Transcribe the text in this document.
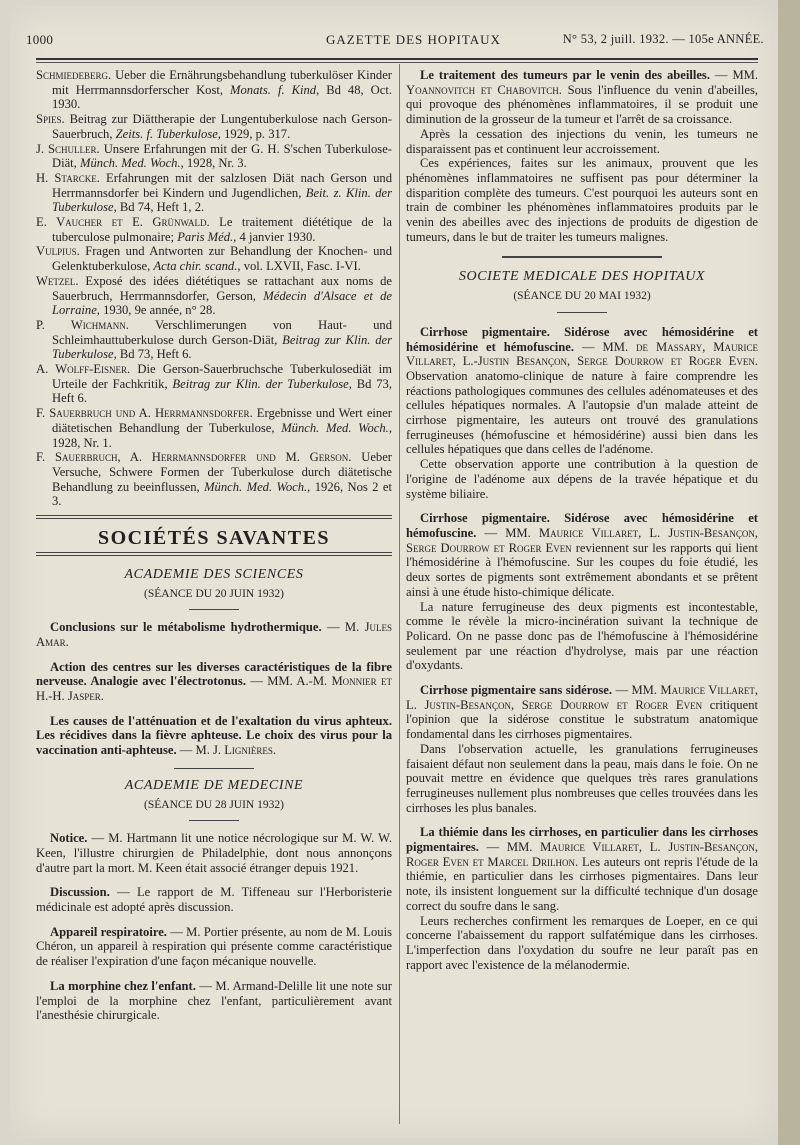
1000	GAZETTE DES HOPITAUX	N° 53, 2 juill. 1932. — 105e ANNÉE.

Schmiedeberg. Ueber die Ernährungsbehandlung tuberkulöser Kinder mit Herrmannsdorferscher Kost, Monats. f. Kind, Bd 48, Oct. 1930.

Spies. Beitrag zur Diättherapie der Lungentuberkulose nach Gerson-Sauerbruch, Zeits. f. Tuberkulose, 1929, p. 317.

J. Schuller. Unsere Erfahrungen mit der G. H. S'schen Tuberkulose-Diät, Münch. Med. Woch., 1928, Nr. 3.

H. Starcke. Erfahrungen mit der salzlosen Diät nach Gerson und Herrmannsdorfer bei Kindern und Jugendlichen, Beit. z. Klin. der Tuberkulose, Bd 74, Heft 1, 2.

E. Vaucher et E. Grünwald. Le traitement diététique de la tuberculose pulmonaire; Paris Méd., 4 janvier 1930.

Vulpius. Fragen und Antworten zur Behandlung der Knochen- und Gelenktuberkulose, Acta chir. scand., vol. LXVII, Fasc. I-VI.

Wetzel. Exposé des idées diététiques se rattachant aux noms de Sauerbruch, Herrmannsdorfer, Gerson, Médecin d'Alsace et de Lorraine, 1930, 9e année, n° 28.

P. Wichmann. Verschlimerungen von Haut- und Schleimhauttuberkulose durch Gerson-Diät, Beitrag zur Klin. der Tuberkulose, Bd 73, Heft 6.

A. Wolff-Eisner. Die Gerson-Sauerbruchsche Tuberkulosediät im Urteile der Fachkritik, Beitrag zur Klin. der Tuberkulose, Bd 73, Heft 6.

F. Sauerbruch und A. Herrmannsdorfer. Ergebnisse und Wert einer diätetischen Behandlung der Tuberkulose, Münch. Med. Woch., 1928, Nr. 1.

F. Sauerbruch, A. Herrmannsdorfer und M. Gerson. Ueber Versuche, Schwere Formen der Tuberkulose durch diätetische Behandlung zu beeinflussen, Münch. Med. Woch., 1926, Nos 2 et 3.

SOCIÉTÉS SAVANTES

ACADEMIE DES SCIENCES

(SÉANCE DU 20 JUIN 1932)

Conclusions sur le métabolisme hydrothermique. — M. Jules Amar.

Action des centres sur les diverses caractéristiques de la fibre nerveuse. Analogie avec l'électrotonus. — MM. A.-M. Monnier et H.-H. Jasper.

Les causes de l'atténuation et de l'exaltation du virus aphteux. Les récidives dans la fièvre aphteuse. Le choix des virus pour la vaccination anti-aphteuse. — M. J. Lignières.

ACADEMIE DE MEDECINE

(SÉANCE DU 28 JUIN 1932)

Notice. — M. Hartmann lit une notice nécrologique sur M. W. W. Keen, l'illustre chirurgien de Philadelphie, dont nous annonçons d'autre part la mort. M. Keen était associé étranger depuis 1921.

Discussion. — Le rapport de M. Tiffeneau sur l'Herboristerie médicinale est adopté après discussion.

Appareil respiratoire. — M. Portier présente, au nom de M. Louis Chéron, un appareil à respiration qui présente comme caractéristique de réaliser l'expiration d'une façon mécanique nouvelle.

La morphine chez l'enfant. — M. Armand-Delille lit une note sur l'emploi de la morphine chez l'enfant, particulièrement avant l'anesthésie chirurgicale.

Le traitement des tumeurs par le venin des abeilles. — MM. Yoannovitch et Chabovitch. Sous l'influence du venin d'abeilles, qui provoque des phénomènes inflammatoires, il se produit une diminution de la grosseur de la tumeur et l'arrêt de sa croissance.

Après la cessation des injections du venin, les tumeurs ne disparaissent pas et continuent leur accroissement.

Ces expériences, faites sur les animaux, prouvent que les phénomènes inflammatoires ne suffisent pas pour déterminer la disparition complète des tumeurs. C'est pourquoi les auteurs sont en train de combiner les phénomènes inflammatoires produits par le venin des abeilles avec des injections de produits de digestion de tumeurs, dans le but de traiter les tumeurs malignes.

SOCIETE MEDICALE DES HOPITAUX

(SÉANCE DU 20 MAI 1932)

Cirrhose pigmentaire. Sidérose avec hémosidérine et hémosidérine et hémofuscine. — MM. de Massary, Maurice Villaret, L.-Justin Besançon, Serge Dourrow et Roger Even. Observation anatomo-clinique de nature à faire comprendre les réactions pathologiques communes des cellules adénomateuses et des cellules hépatiques normales. A l'autopsie d'un malade atteint de cirrhose pigmentaire, les auteurs ont trouvé des granulations ferrugineuses (hémofuscine et hémosidérine) aussi bien dans les cellules hépatiques que dans celles de l'adénome.

Cette observation apporte une contribution à la question de l'origine de l'adénome aux dépens de la travée hépatique et du système biliaire.

Cirrhose pigmentaire. Sidérose avec hémosidérine et hémofuscine. — MM. Maurice Villaret, L. Justin-Besançon, Serge Dourrow et Roger Even reviennent sur les rapports qui lient l'hémosidérine à l'hémofuscine. Sur les coupes du foie étudié, les deux sortes de pigments sont extrêmement abondants et se prêtent ainsi à une étude histo-chimique délicate.

La nature ferrugineuse des deux pigments est incontestable, comme le révèle la micro-incinération suivant la technique de Policard. On ne passe donc pas de l'hémofuscine à l'hémosidérine seulement par une réaction d'hydrolyse, mais par une réaction d'oxydants.

Cirrhose pigmentaire sans sidérose. — MM. Maurice Villaret, L. Justin-Besançon, Serge Dourrow et Roger Even critiquent l'opinion que la sidérose constitue le substratum anatomique fondamental dans les cirrhoses pigmentaires.

Dans l'observation actuelle, les granulations ferrugineuses faisaient défaut non seulement dans la peau, mais dans le foie. On ne pouvait mettre en évidence que quelques très rares granulations ferrugineuses nullement plus nombreuses que celles trouvées dans les cirrhoses les plus banales.

La thiémie dans les cirrhoses, en particulier dans les cirrhoses pigmentaires. — MM. Maurice Villaret, L. Justin-Besançon, Roger Even et Marcel Drilhon. Les auteurs ont repris l'étude de la thiémie, en particulier dans les cirrhoses pigmentaires. Dans leur note, ils insistent longuement sur la difficulté technique d'un dosage correct du soufre dans le sang.

Leurs recherches confirment les remarques de Loeper, en ce qui concerne l'abaissement du rapport sulfatémique dans les cirrhoses. L'imperfection dans l'oxydation du soufre ne leur paraît pas en rapport avec l'existence de la mélanodermie.
